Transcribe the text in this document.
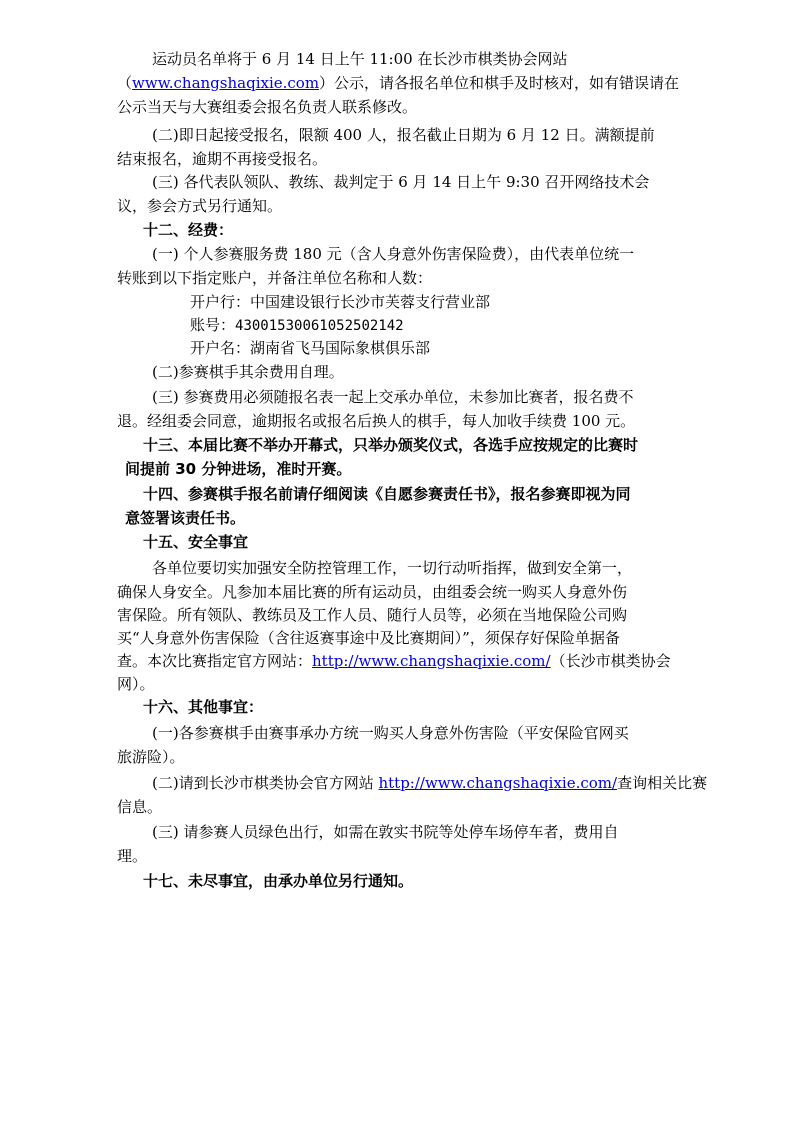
运动员名单将于 6 月 14 日上午 11:00 在长沙市棋类协会网站
（www.changshaqixie.com）公示，请各报名单位和棋手及时核对，如有错误请在
公示当天与大赛组委会报名负责人联系修改。
(二)即日起接受报名，限额 400 人，报名截止日期为 6 月 12 日。满额提前
结束报名，逾期不再接受报名。
(三) 各代表队领队、教练、裁判定于 6 月 14 日上午 9:30 召开网络技术会
议，参会方式另行通知。
十二、经费：
(一) 个人参赛服务费 180 元（含人身意外伤害保险费），由代表单位统一
转账到以下指定账户，并备注单位名称和人数：
开户行：中国建设银行长沙市芙蓉支行营业部
账号：43001530061052502142
开户名：湖南省飞马国际象棋俱乐部
(二)参赛棋手其余费用自理。
(三) 参赛费用必须随报名表一起上交承办单位，未参加比赛者，报名费不
退。经组委会同意，逾期报名或报名后换人的棋手，每人加收手续费 100 元。
十三、本届比赛不举办开幕式，只举办颁奖仪式，各选手应按规定的比赛时
间提前 30 分钟进场，准时开赛。
十四、参赛棋手报名前请仔细阅读《自愿参赛责任书》，报名参赛即视为同
意签署该责任书。
十五、安全事宜
各单位要切实加强安全防控管理工作，一切行动听指挥，做到安全第一，
确保人身安全。凡参加本届比赛的所有运动员，由组委会统一购买人身意外伤
害保险。所有领队、教练员及工作人员、随行人员等，必须在当地保险公司购
买“人身意外伤害保险（含往返赛事途中及比赛期间）”，须保存好保险单据备
查。本次比赛指定官方网站：http://www.changshaqixie.com/（长沙市棋类协会
网）。
十六、其他事宜：
(一)各参赛棋手由赛事承办方统一购买人身意外伤害险（平安保险官网买
旅游险）。
(二)请到长沙市棋类协会官方网站 http://www.changshaqixie.com/查询相关比赛
信息。
(三) 请参赛人员绿色出行，如需在敦实书院等处停车场停车者，费用自
理。
十七、未尽事宜，由承办单位另行通知。
